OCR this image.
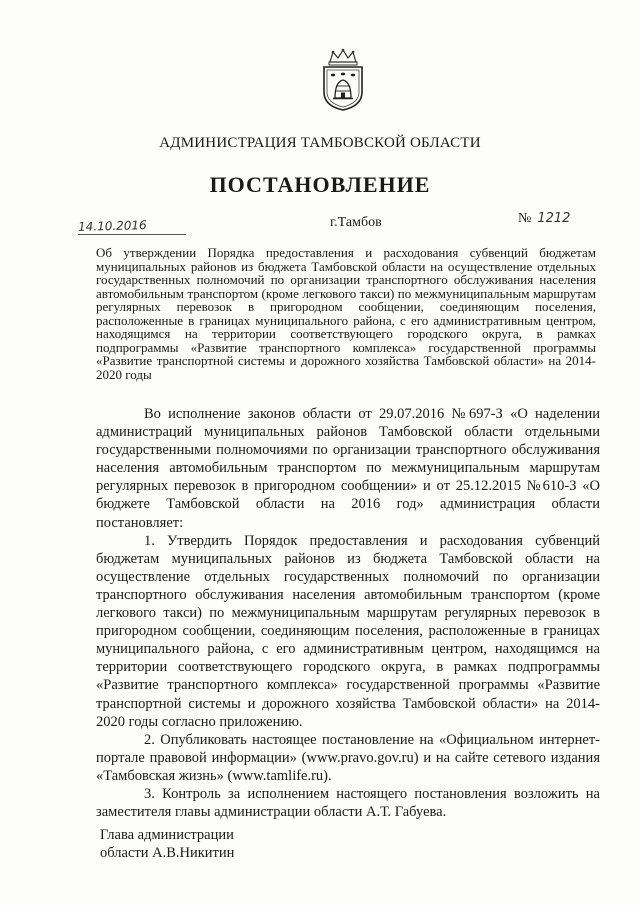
АДМИНИСТРАЦИЯ ТАМБОВСКОЙ ОБЛАСТИ
ПОСТАНОВЛЕНИЕ
14.10.2016	г.Тамбов	№ 1212
Об утверждении Порядка предоставления и расходования субвенций бюджетам муниципальных районов из бюджета Тамбовской области на осуществление отдельных государственных полномочий по организации транспортного обслуживания населения автомобильным транспортом (кроме легкового такси) по межмуниципальным маршрутам регулярных перевозок в пригородном сообщении, соединяющим поселения, расположенные в границах муниципального района, с его административным центром, находящимся на территории соответствующего городского округа, в рамках подпрограммы «Развитие транспортного комплекса» государственной программы «Развитие транспортной системы и дорожного хозяйства Тамбовской области» на 2014-2020 годы

Во исполнение законов области от 29.07.2016 №697-З «О наделении администраций муниципальных районов Тамбовской области отдельными государственными полномочиями по организации транспортного обслуживания населения автомобильным транспортом по межмуниципальным маршрутам регулярных перевозок в пригородном сообщении» и от 25.12.2015 №610-З «О бюджете Тамбовской области на 2016 год» администрация области постановляет:

1. Утвердить Порядок предоставления и расходования субвенций бюджетам муниципальных районов из бюджета Тамбовской области на осуществление отдельных государственных полномочий по организации транспортного обслуживания населения автомобильным транспортом (кроме легкового такси) по межмуниципальным маршрутам регулярных перевозок в пригородном сообщении, соединяющим поселения, расположенные в границах муниципального района, с его административным центром, находящимся на территории соответствующего городского округа, в рамках подпрограммы «Развитие транспортного комплекса» государственной программы «Развитие транспортной системы и дорожного хозяйства Тамбовской области» на 2014-2020 годы согласно приложению.

2. Опубликовать настоящее постановление на «Официальном интернет-портале правовой информации» (www.pravo.gov.ru) и на сайте сетевого издания «Тамбовская жизнь» (www.tamlife.ru).

3. Контроль за исполнением настоящего постановления возложить на заместителя главы администрации области А.Т. Габуева.

Глава администрации
области А.В.Никитин
